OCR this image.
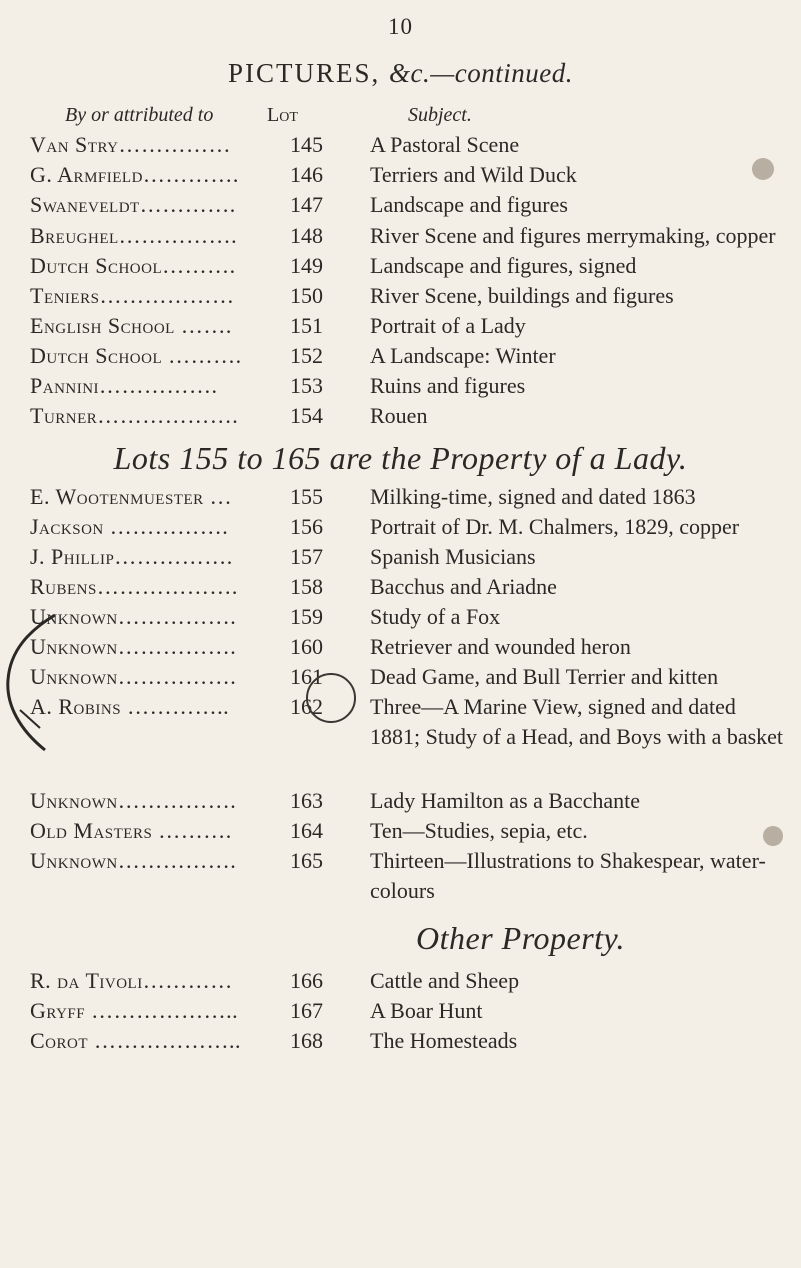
10
PICTURES, &c.—continued.
By or attributed to	Lot	Subject.
Van Stry……………	145 A Pastoral Scene
G. Armfield………….	146 Terriers and Wild Duck
Swaneveldt………….	147 Landscape and figures
Breughel…………….	148 River Scene and figures merrymaking, copper
Dutch School……….	149 Landscape and figures, signed
Teniers………………	150 River Scene, buildings and figures
English School …….	151 Portrait of a Lady
Dutch School ……….	152 A Landscape: Winter
Pannini…………….	153 Ruins and figures
Turner……………….	154 Rouen
Lots 155 to 165 are the Property of a Lady.
E. Wootenmuester …	155 Milking-time, signed and dated 1863
Jackson …………….	156 Portrait of Dr. M. Chalmers, 1829, copper
J. Phillip…………….	157 Spanish Musicians
Rubens……………….	158 Bacchus and Ariadne
Unknown…………….	159 Study of a Fox
Unknown…………….	160 Retriever and wounded heron
Unknown…………….	161 Dead Game, and Bull Terrier and kitten
A. Robins …………..	162 Three—A Marine View, signed and dated 1881; Study of a Head, and Boys with a basket
Unknown…………….	163 Lady Hamilton as a Bacchante
Old Masters ……….	164 Ten—Studies, sepia, etc.
Unknown…………….	165 Thirteen—Illustrations to Shakespear, water-colours
Other Property.
R. da Tivoli…………	166 Cattle and Sheep
Gryff ………………..	167 A Boar Hunt
Corot ………………..	168 The Homesteads
